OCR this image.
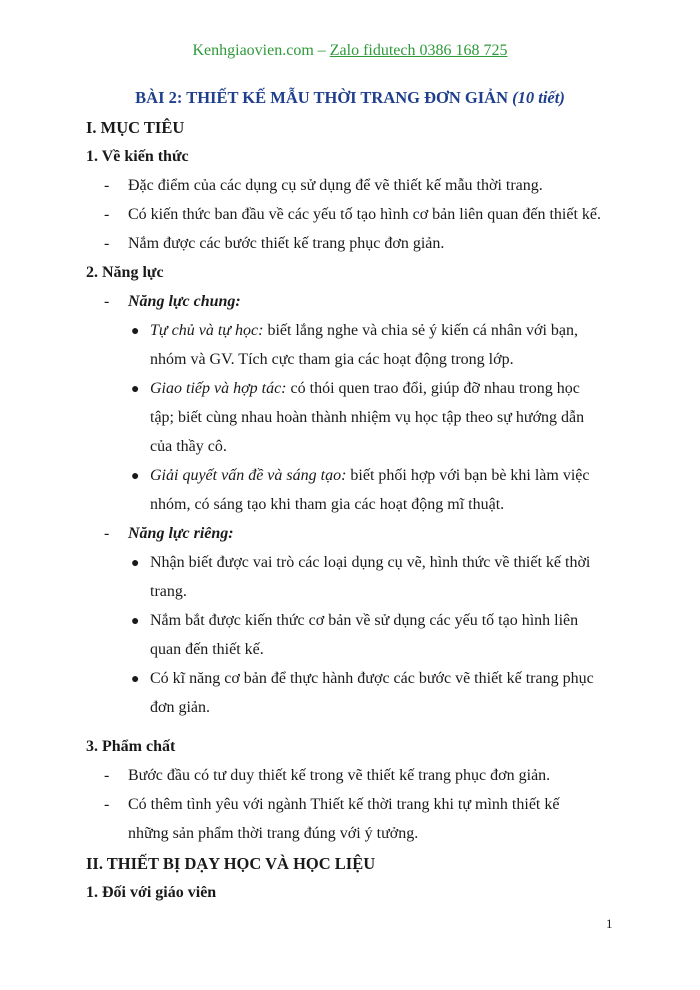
Kenhgiaovien.com – Zalo fidutech 0386 168 725
BÀI 2: THIẾT KẾ MẪU THỜI TRANG ĐƠN GIẢN (10 tiết)
I. MỤC TIÊU
1. Về kiến thức
- Đặc điểm của các dụng cụ sử dụng để vẽ thiết kế mẫu thời trang.
- Có kiến thức ban đầu về các yếu tố tạo hình cơ bản liên quan đến thiết kế.
- Nắm được các bước thiết kế trang phục đơn giản.
2. Năng lực
- Năng lực chung:
● Tự chủ và tự học: biết lắng nghe và chia sẻ ý kiến cá nhân với bạn,
nhóm và GV. Tích cực tham gia các hoạt động trong lớp.
● Giao tiếp và hợp tác: có thói quen trao đổi, giúp đỡ nhau trong học
tập; biết cùng nhau hoàn thành nhiệm vụ học tập theo sự hướng dẫn
của thầy cô.
● Giải quyết vấn đề và sáng tạo: biết phối hợp với bạn bè khi làm việc
nhóm, có sáng tạo khi tham gia các hoạt động mĩ thuật.
- Năng lực riêng:
● Nhận biết được vai trò các loại dụng cụ vẽ, hình thức về thiết kế thời
trang.
● Nắm bắt được kiến thức cơ bản về sử dụng các yếu tố tạo hình liên
quan đến thiết kế.
● Có kĩ năng cơ bản để thực hành được các bước vẽ thiết kế trang phục
đơn giản.
3. Phẩm chất
- Bước đầu có tư duy thiết kế trong vẽ thiết kế trang phục đơn giản.
- Có thêm tình yêu với ngành Thiết kế thời trang khi tự mình thiết kế
những sản phẩm thời trang đúng với ý tưởng.
II. THIẾT BỊ DẠY HỌC VÀ HỌC LIỆU
1. Đối với giáo viên
1
